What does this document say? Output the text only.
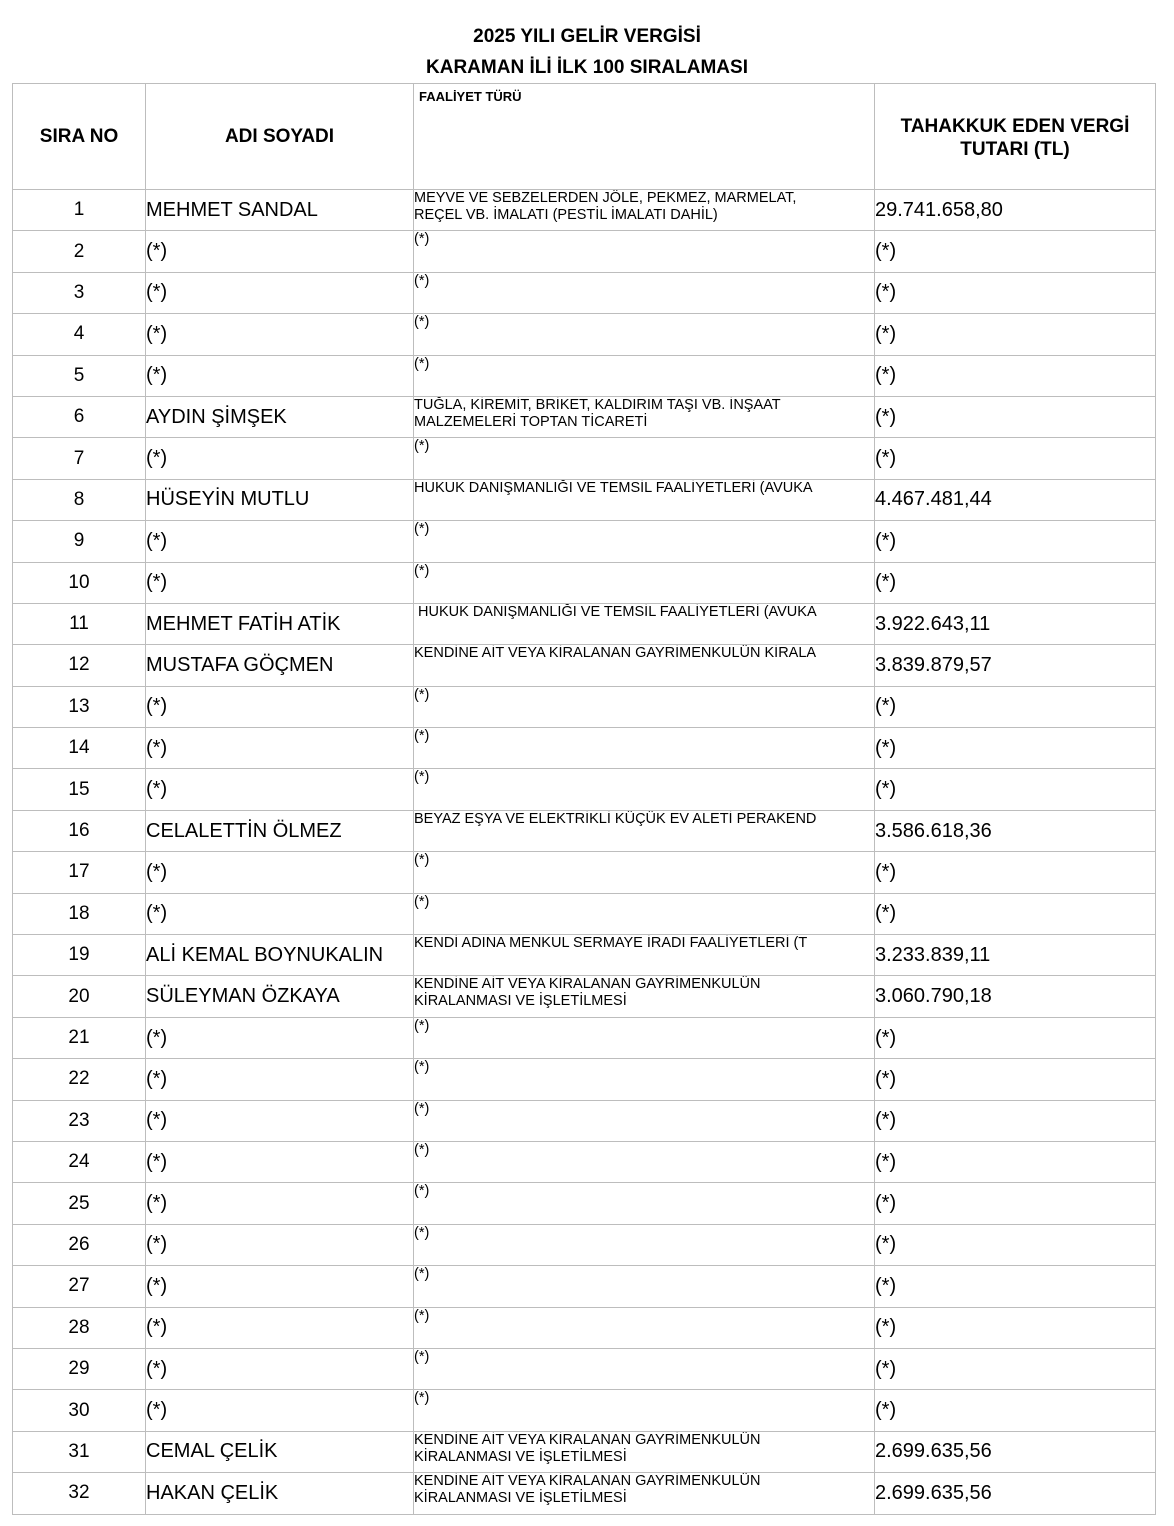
2025 YILI GELİR VERGİSİ
KARAMAN İLİ İLK 100 SIRALAMASI
SIRA NO	ADI SOYADI	FAALİYET TÜRÜ	TAHAKKUK EDEN VERGİ TUTARI (TL)
1	MEHMET SANDAL	MEYVE VE SEBZELERDEN JÖLE, PEKMEZ, MARMELAT,
REÇEL VB. İMALATI (PESTİL İMALATI DAHİL)	29.741.658,80
2	(*)	(*)	(*)
3	(*)	(*)	(*)
4	(*)	(*)	(*)
5	(*)	(*)	(*)
6	AYDIN ŞİMŞEK	TUĞLA, KİREMİT, BRİKET, KALDIRIM TAŞI VB. İNŞAAT
MALZEMELERİ TOPTAN TİCARETİ	(*)
7	(*)	(*)	(*)
8	HÜSEYİN MUTLU	HUKUK DANIŞMANLIĞI VE TEMSİL FAALİYETLERİ (AVUKA	4.467.481,44
9	(*)	(*)	(*)
10	(*)	(*)	(*)
11	MEHMET FATİH ATİK	HUKUK DANIŞMANLIĞI VE TEMSİL FAALİYETLERİ (AVUKA	3.922.643,11
12	MUSTAFA GÖÇMEN	KENDİNE AİT VEYA KİRALANAN GAYRİMENKULÜN KİRALA	3.839.879,57
13	(*)	(*)	(*)
14	(*)	(*)	(*)
15	(*)	(*)	(*)
16	CELALETTİN ÖLMEZ	BEYAZ EŞYA VE ELEKTRİKLİ KÜÇÜK EV ALETİ PERAKEND	3.586.618,36
17	(*)	(*)	(*)
18	(*)	(*)	(*)
19	ALİ KEMAL BOYNUKALIN	KENDİ ADINA MENKUL SERMAYE İRADI FAALİYETLERİ (T	3.233.839,11
20	SÜLEYMAN ÖZKAYA	KENDİNE AİT VEYA KİRALANAN GAYRİMENKULÜN
KİRALANMASI VE İŞLETİLMESİ	3.060.790,18
21	(*)	(*)	(*)
22	(*)	(*)	(*)
23	(*)	(*)	(*)
24	(*)	(*)	(*)
25	(*)	(*)	(*)
26	(*)	(*)	(*)
27	(*)	(*)	(*)
28	(*)	(*)	(*)
29	(*)	(*)	(*)
30	(*)	(*)	(*)
31	CEMAL ÇELİK	KENDİNE AİT VEYA KİRALANAN GAYRİMENKULÜN
KİRALANMASI VE İŞLETİLMESİ	2.699.635,56
32	HAKAN ÇELİK	KENDİNE AİT VEYA KİRALANAN GAYRİMENKULÜN
KİRALANMASI VE İŞLETİLMESİ	2.699.635,56
